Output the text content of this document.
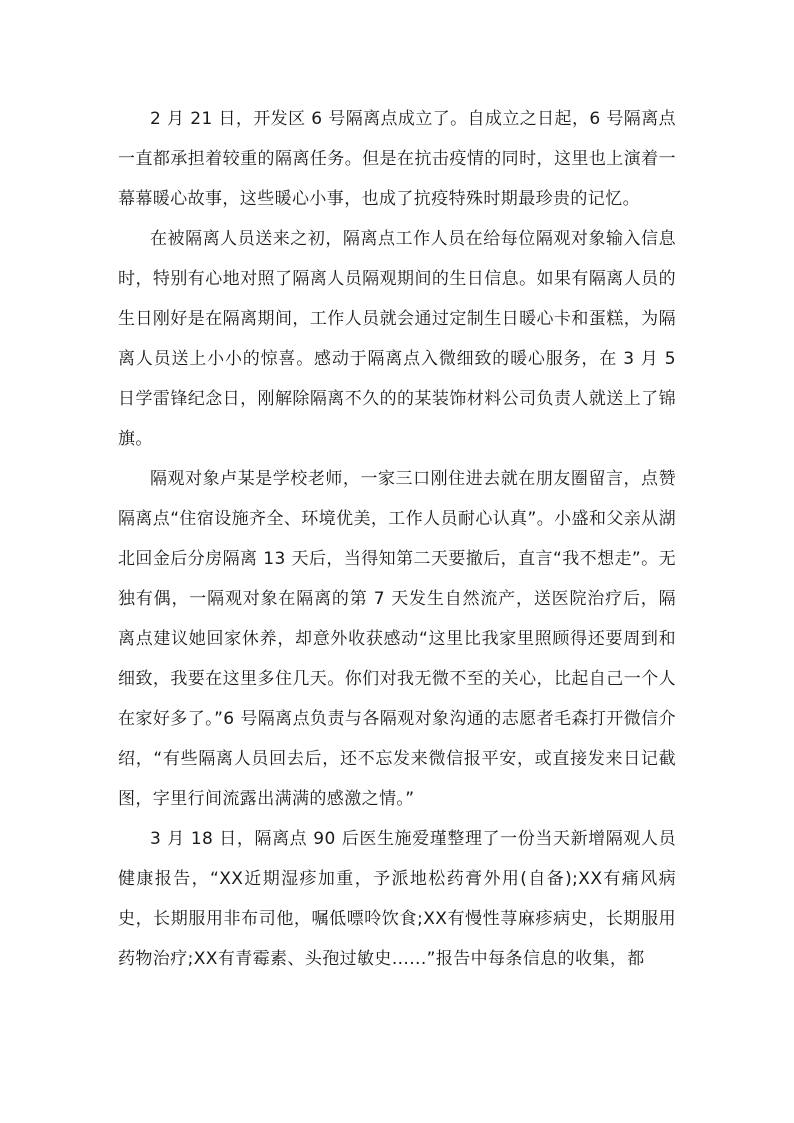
2 月 21 日，开发区 6 号隔离点成立了。自成立之日起，6 号隔离点一直都承担着较重的隔离任务。但是在抗击疫情的同时，这里也上演着一幕幕暖心故事，这些暖心小事，也成了抗疫特殊时期最珍贵的记忆。

在被隔离人员送来之初，隔离点工作人员在给每位隔观对象输入信息时，特别有心地对照了隔离人员隔观期间的生日信息。如果有隔离人员的生日刚好是在隔离期间，工作人员就会通过定制生日暖心卡和蛋糕，为隔离人员送上小小的惊喜。感动于隔离点入微细致的暖心服务，在 3 月 5 日学雷锋纪念日，刚解除隔离不久的的某装饰材料公司负责人就送上了锦旗。

隔观对象卢某是学校老师，一家三口刚住进去就在朋友圈留言，点赞隔离点“住宿设施齐全、环境优美，工作人员耐心认真”。小盛和父亲从湖北回金后分房隔离 13 天后，当得知第二天要撤后，直言“我不想走”。无独有偶，一隔观对象在隔离的第 7 天发生自然流产，送医院治疗后，隔离点建议她回家休养，却意外收获感动“这里比我家里照顾得还要周到和细致，我要在这里多住几天。你们对我无微不至的关心，比起自己一个人在家好多了。”6 号隔离点负责与各隔观对象沟通的志愿者毛森打开微信介绍，“有些隔离人员回去后，还不忘发来微信报平安，或直接发来日记截图，字里行间流露出满满的感激之情。”

3 月 18 日，隔离点 90 后医生施爱瑾整理了一份当天新增隔观人员健康报告，“XX近期湿疹加重，予派地松药膏外用(自备);XX有痛风病史，长期服用非布司他，嘱低嘌呤饮食;XX有慢性荨麻疹病史，长期服用药物治疗;XX有青霉素、头孢过敏史......”报告中每条信息的收集，都
